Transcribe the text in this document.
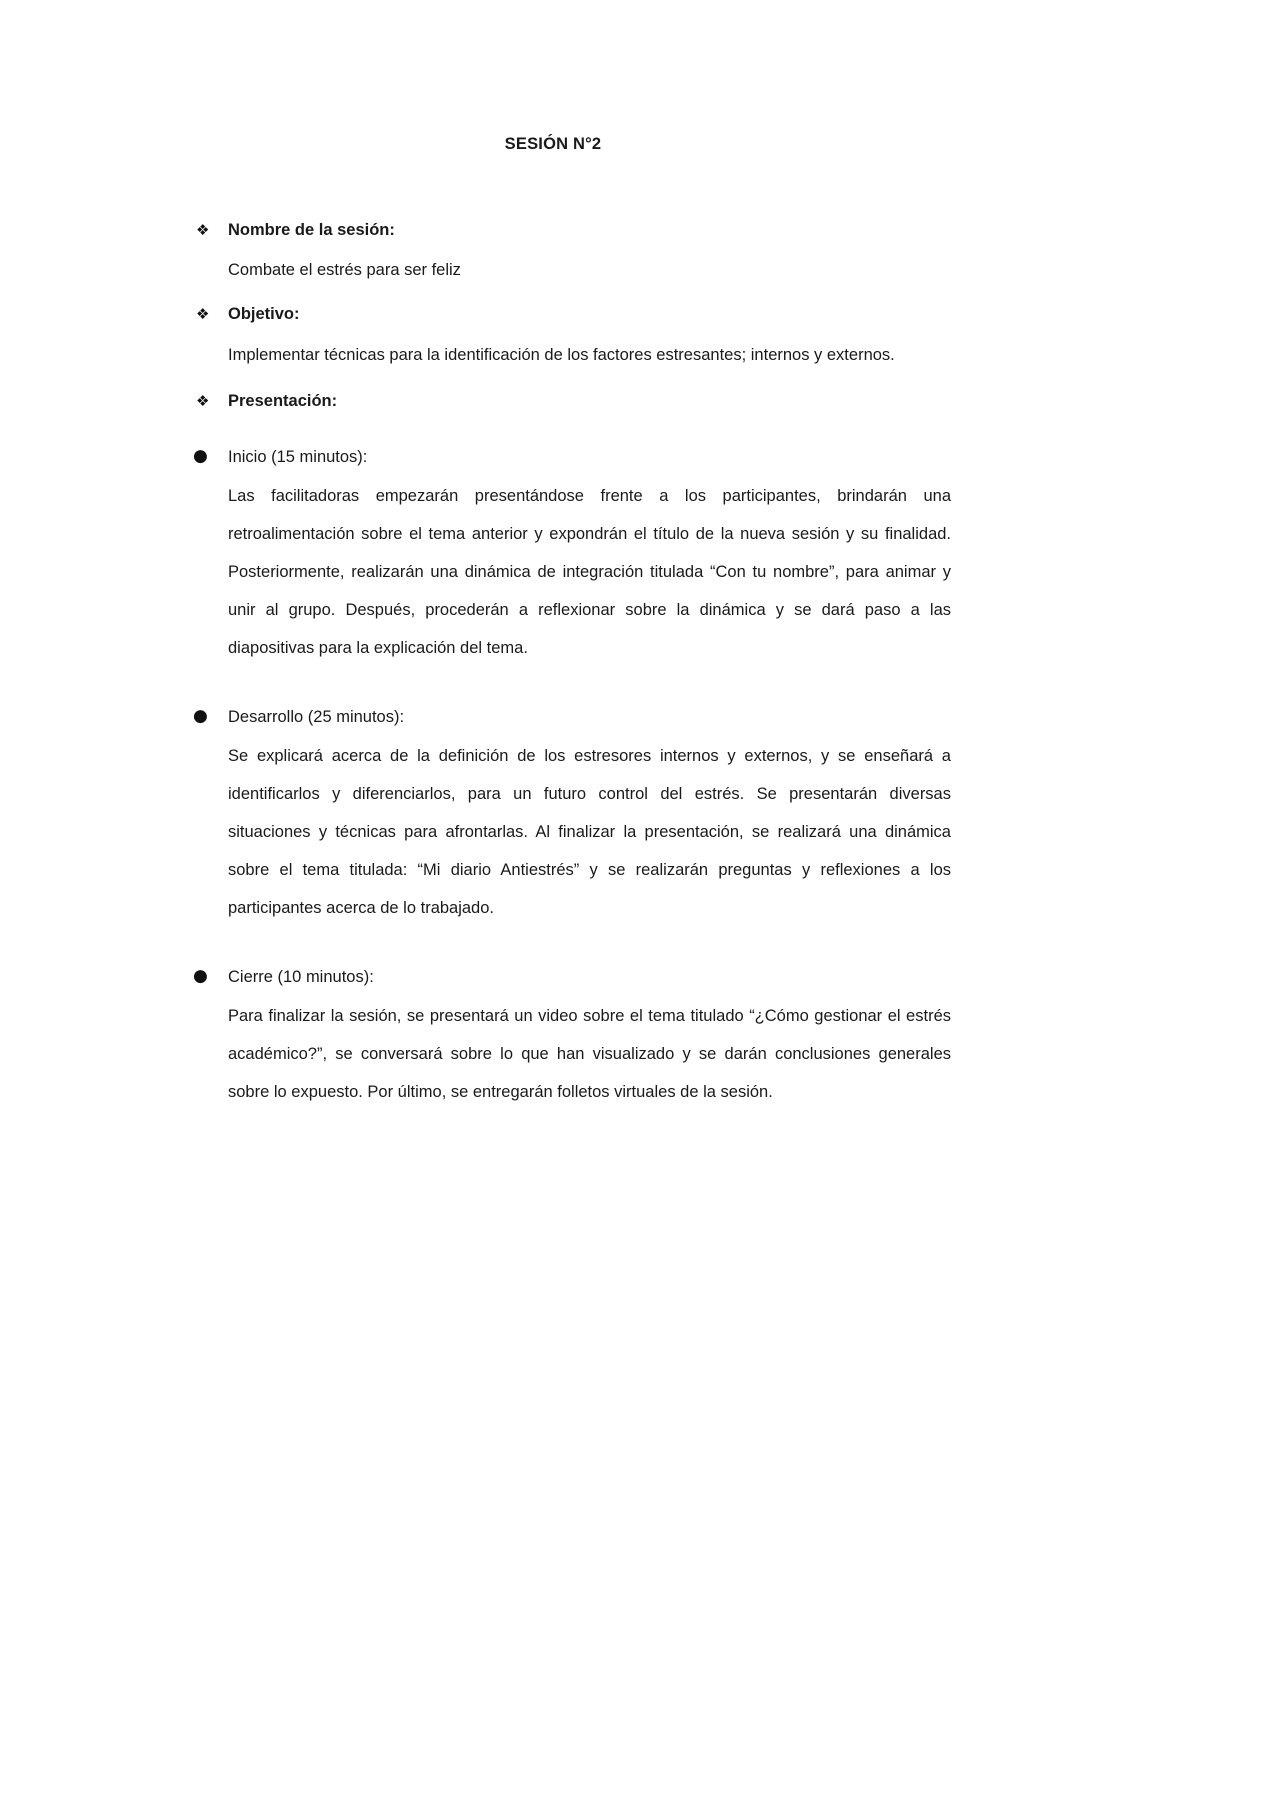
SESIÓN N°2
❖ Nombre de la sesión:

Combate el estrés para ser feliz

❖ Objetivo:

Implementar técnicas para la identificación de los factores estresantes; internos y externos.

❖ Presentación:
● Inicio (15 minutos):

Las facilitadoras empezarán presentándose frente a los participantes, brindarán una retroalimentación sobre el tema anterior y expondrán el título de la nueva sesión y su finalidad. Posteriormente, realizarán una dinámica de integración titulada “Con tu nombre”, para animar y unir al grupo. Después, procederán a reflexionar sobre la dinámica y se dará paso a las diapositivas para la explicación del tema.

● Desarrollo (25 minutos):

Se explicará acerca de la definición de los estresores internos y externos, y se enseñará a identificarlos y diferenciarlos, para un futuro control del estrés. Se presentarán diversas situaciones y técnicas para afrontarlas. Al finalizar la presentación, se realizará una dinámica sobre el tema titulada: “Mi diario Antiestrés” y se realizarán preguntas y reflexiones a los participantes acerca de lo trabajado.

● Cierre (10 minutos):

Para finalizar la sesión, se presentará un video sobre el tema titulado “¿Cómo gestionar el estrés académico?”, se conversará sobre lo que han visualizado y se darán conclusiones generales sobre lo expuesto. Por último, se entregarán folletos virtuales de la sesión.
